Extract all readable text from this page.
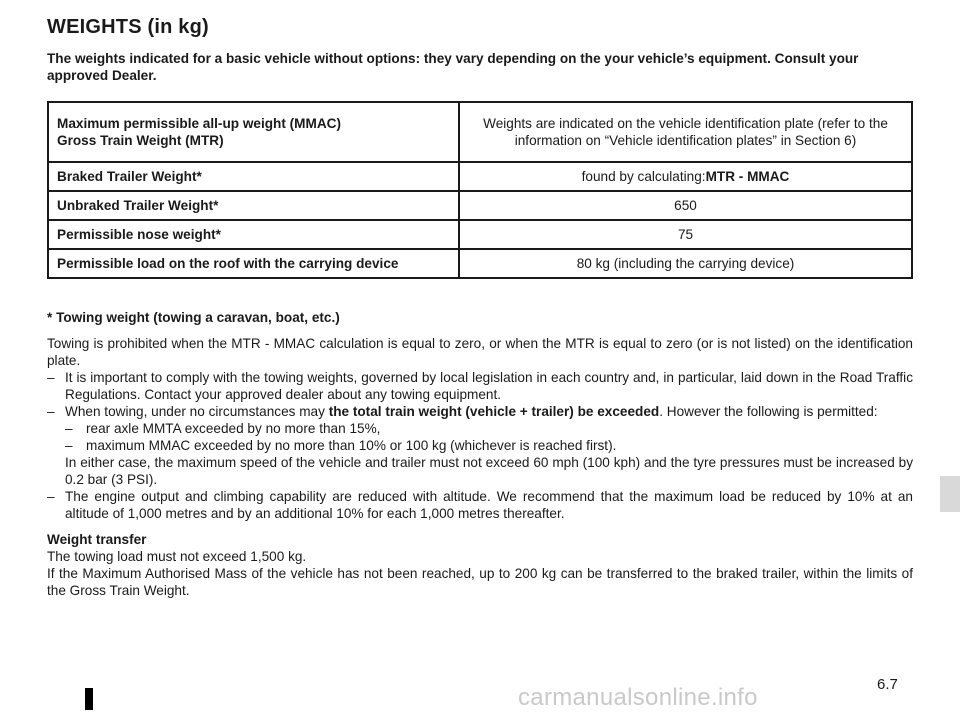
WEIGHTS (in kg)
The weights indicated for a basic vehicle without options: they vary depending on the your vehicle’s equipment. Consult your approved Dealer.
Maximum permissible all-up weight (MMAC)
Gross Train Weight (MTR)	Weights are indicated on the vehicle identification plate (refer to the information on “Vehicle identification plates” in Section 6)
Braked Trailer Weight*	found by calculating:MTR - MMAC
Unbraked Trailer Weight*	650
Permissible nose weight*	75
Permissible load on the roof with the carrying device	80 kg (including the carrying device)

* Towing weight (towing a caravan, boat, etc.)

Towing is prohibited when the MTR - MMAC calculation is equal to zero, or when the MTR is equal to zero (or is not listed) on the identification plate.

– It is important to comply with the towing weights, governed by local legislation in each country and, in particular, laid down in the Road Traffic Regulations. Contact your approved dealer about any towing equipment.
– When towing, under no circumstances may the total train weight (vehicle + trailer) be exceeded. However the following is permitted:
– rear axle MMTA exceeded by no more than 15%,
– maximum MMAC exceeded by no more than 10% or 100 kg (whichever is reached first).
In either case, the maximum speed of the vehicle and trailer must not exceed 60 mph (100 kph) and the tyre pressures must be increased by 0.2 bar (3 PSI).
– The engine output and climbing capability are reduced with altitude. We recommend that the maximum load be reduced by 10% at an altitude of 1,000 metres and by an additional 10% for each 1,000 metres thereafter.

Weight transfer

The towing load must not exceed 1,500 kg.

If the Maximum Authorised Mass of the vehicle has not been reached, up to 200 kg can be transferred to the braked trailer, within the limits of the Gross Train Weight.

carmanualsonline.info	6.7
